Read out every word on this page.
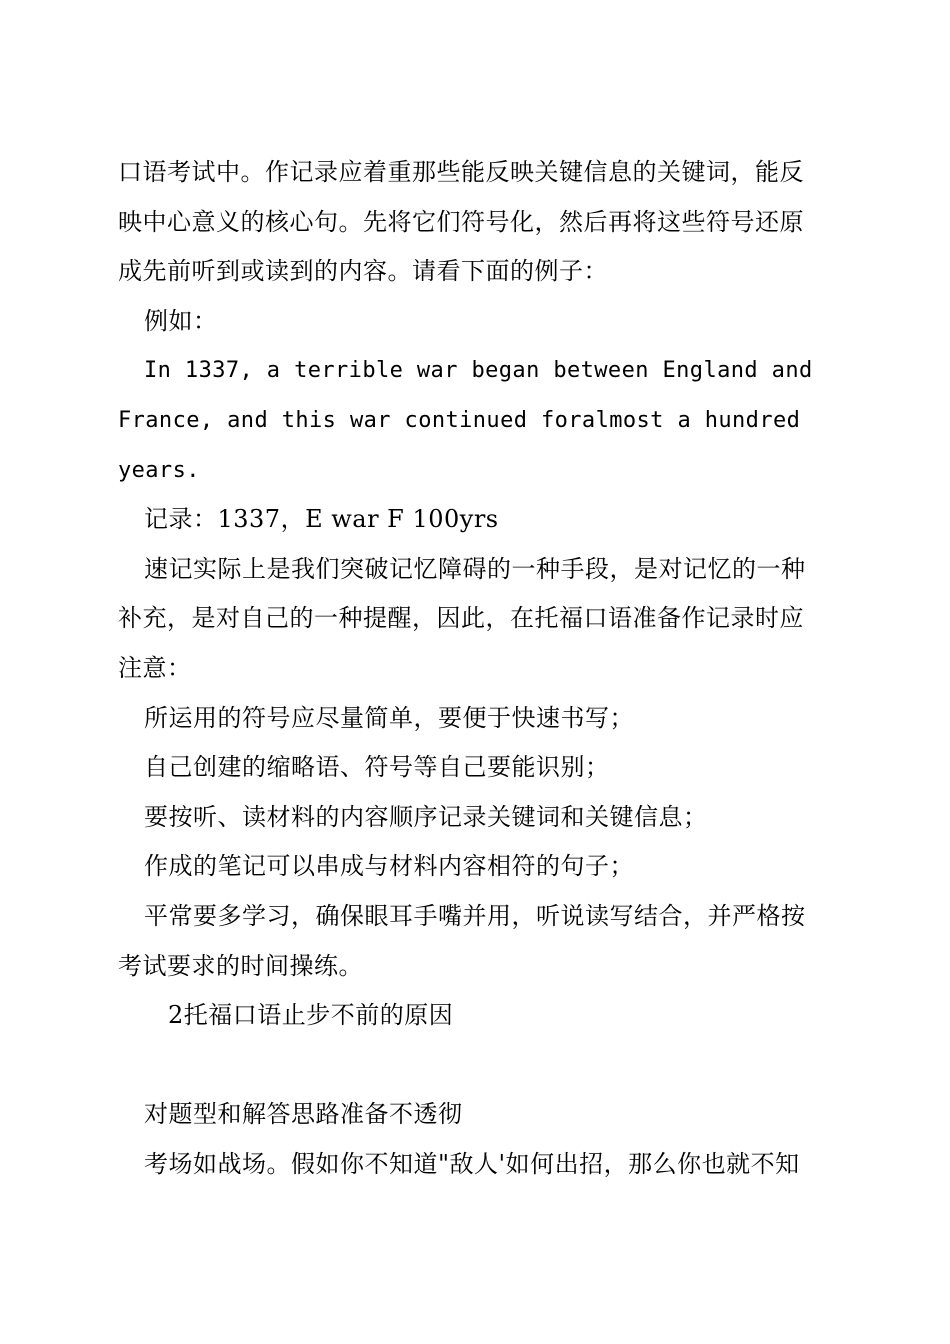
口语考试中。作记录应着重那些能反映关键信息的关键词，能反
映中心意义的核心句。先将它们符号化，然后再将这些符号还原
成先前听到或读到的内容。请看下面的例子：
例如：
In 1337, a terrible war began between England and
France, and this war continued foralmost a hundred
years.
记录：1337，E war F 100yrs
速记实际上是我们突破记忆障碍的一种手段，是对记忆的一种
补充，是对自己的一种提醒，因此，在托福口语准备作记录时应
注意：
所运用的符号应尽量简单，要便于快速书写；
自己创建的缩略语、符号等自己要能识别；
要按听、读材料的内容顺序记录关键词和关键信息；
作成的笔记可以串成与材料内容相符的句子；
平常要多学习，确保眼耳手嘴并用，听说读写结合，并严格按
考试要求的时间操练。
2托福口语止步不前的原因
对题型和解答思路准备不透彻
考场如战场。假如你不知道"敌人'如何出招，那么你也就不知
